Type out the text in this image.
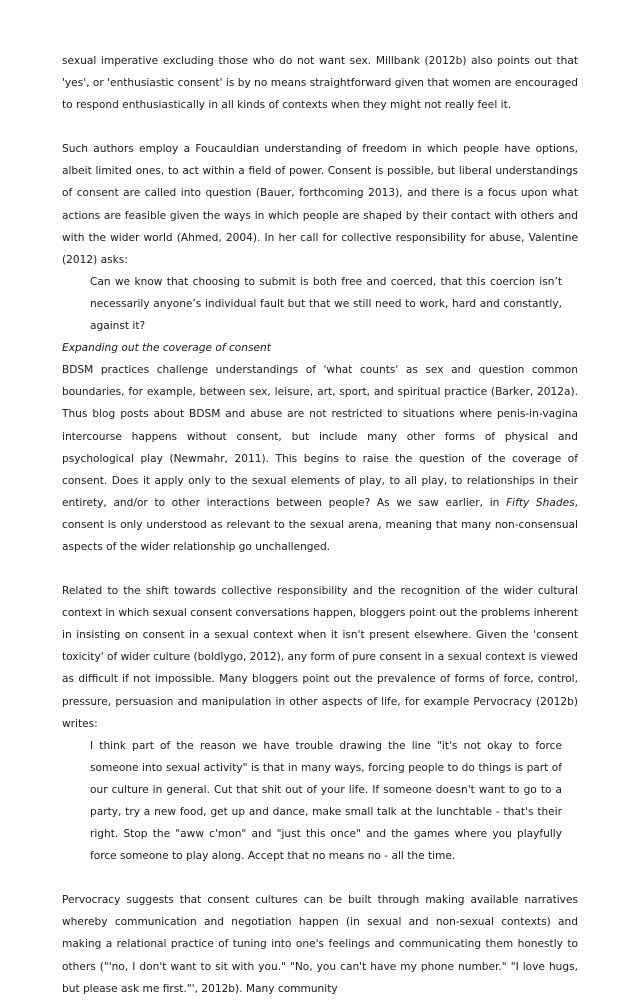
sexual imperative excluding those who do not want sex. Millbank (2012b) also points out that 'yes', or 'enthusiastic consent' is by no means straightforward given that women are encouraged to respond enthusiastically in all kinds of contexts when they might not really feel it.

Such authors employ a Foucauldian understanding of freedom in which people have options, albeit limited ones, to act within a field of power. Consent is possible, but liberal understandings of consent are called into question (Bauer, forthcoming 2013), and there is a focus upon what actions are feasible given the ways in which people are shaped by their contact with others and with the wider world (Ahmed, 2004). In her call for collective responsibility for abuse, Valentine (2012) asks:

Can we know that choosing to submit is both free and coerced, that this coercion isn’t necessarily anyone’s individual fault but that we still need to work, hard and constantly, against it?

Expanding out the coverage of consent

BDSM practices challenge understandings of 'what counts' as sex and question common boundaries, for example, between sex, leisure, art, sport, and spiritual practice (Barker, 2012a). Thus blog posts about BDSM and abuse are not restricted to situations where penis-in-vagina intercourse happens without consent, but include many other forms of physical and psychological play (Newmahr, 2011). This begins to raise the question of the coverage of consent. Does it apply only to the sexual elements of play, to all play, to relationships in their entirety, and/or to other interactions between people? As we saw earlier, in Fifty Shades, consent is only understood as relevant to the sexual arena, meaning that many non-consensual aspects of the wider relationship go unchallenged.

Related to the shift towards collective responsibility and the recognition of the wider cultural context in which sexual consent conversations happen, bloggers point out the problems inherent in insisting on consent in a sexual context when it isn't present elsewhere. Given the 'consent toxicity' of wider culture (boldlygo, 2012), any form of pure consent in a sexual context is viewed as difficult if not impossible. Many bloggers point out the prevalence of forms of force, control, pressure, persuasion and manipulation in other aspects of life, for example Pervocracy (2012b) writes:

I think part of the reason we have trouble drawing the line "it's not okay to force someone into sexual activity" is that in many ways, forcing people to do things is part of our culture in general. Cut that shit out of your life. If someone doesn't want to go to a party, try a new food, get up and dance, make small talk at the lunchtable - that's their right. Stop the "aww c'mon" and "just this once" and the games where you playfully force someone to play along. Accept that no means no - all the time.

Pervocracy suggests that consent cultures can be built through making available narratives whereby communication and negotiation happen (in sexual and non-sexual contexts) and making a relational practice of tuning into one's feelings and communicating them honestly to others ("'no, I don't want to sit with you." "No, you can't have my phone number." "I love hugs, but please ask me first."', 2012b). Many community
